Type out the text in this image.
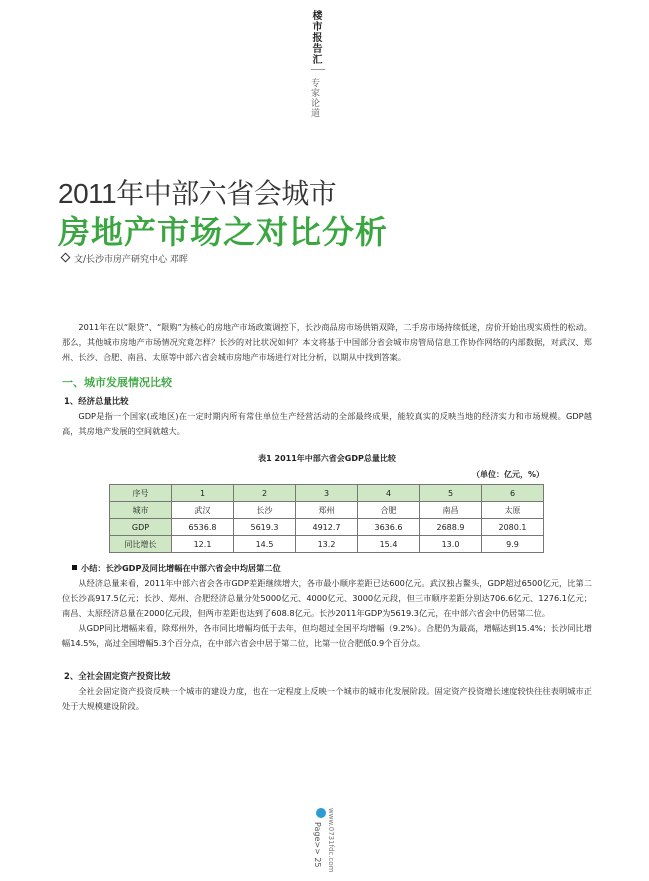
楼市报告汇
专家论道
2011年中部六省会城市
房地产市场之对比分析
文/长沙市房产研究中心 邓晖

2011年在以“限贷”、“限购”为核心的房地产市场政策调控下，长沙商品房市场供销双降，二手房市场持续低迷，房价开始出现实质性的松动。那么，其他城市房地产市场情况究竟怎样？长沙的对比状况如何？本文将基于中国部分省会城市房管局信息工作协作网络的内部数据，对武汉、郑州、长沙、合肥、南昌、太原等中部六省会城市房地产市场进行对比分析，以期从中找到答案。

一、城市发展情况比较
1、经济总量比较

GDP是指一个国家(或地区)在一定时期内所有常住单位生产经营活动的全部最终成果，能较真实的反映当地的经济实力和市场规模。GDP越高，其房地产发展的空间就越大。

表1 2011年中部六省会GDP总量比较
（单位：亿元，%）
序号	1	2	3	4	5	6
城市	武汉	长沙	郑州	合肥	南昌	太原
GDP	6536.8	5619.3	4912.7	3636.6	2688.9	2080.1
同比增长	12.1	14.5	13.2	15.4	13.0	9.9
小结：长沙GDP及同比增幅在中部六省会中均居第二位

从经济总量来看，2011年中部六省会各市GDP差距继续增大，各市最小顺序差距已达600亿元。武汉独占鳌头，GDP超过6500亿元，比第二位长沙高917.5亿元；长沙、郑州、合肥经济总量分处5000亿元、4000亿元、3000亿元段，但三市顺序差距分别达706.6亿元、1276.1亿元；南昌、太原经济总量在2000亿元段，但两市差距也达到了608.8亿元。长沙2011年GDP为5619.3亿元，在中部六省会中仍居第二位。

从GDP同比增幅来看，除郑州外，各市同比增幅均低于去年，但均超过全国平均增幅（9.2%）。合肥仍为最高，增幅达到15.4%；长沙同比增幅14.5%，高过全国增幅5.3个百分点，在中部六省会中居于第二位，比第一位合肥低0.9个百分点。

2、全社会固定资产投资比较

全社会固定资产投资反映一个城市的建设力度，也在一定程度上反映一个城市的城市化发展阶段。固定资产投资增长速度较快往往表明城市正处于大规模建设阶段。

Page>> 25 www.0731fdc.com
